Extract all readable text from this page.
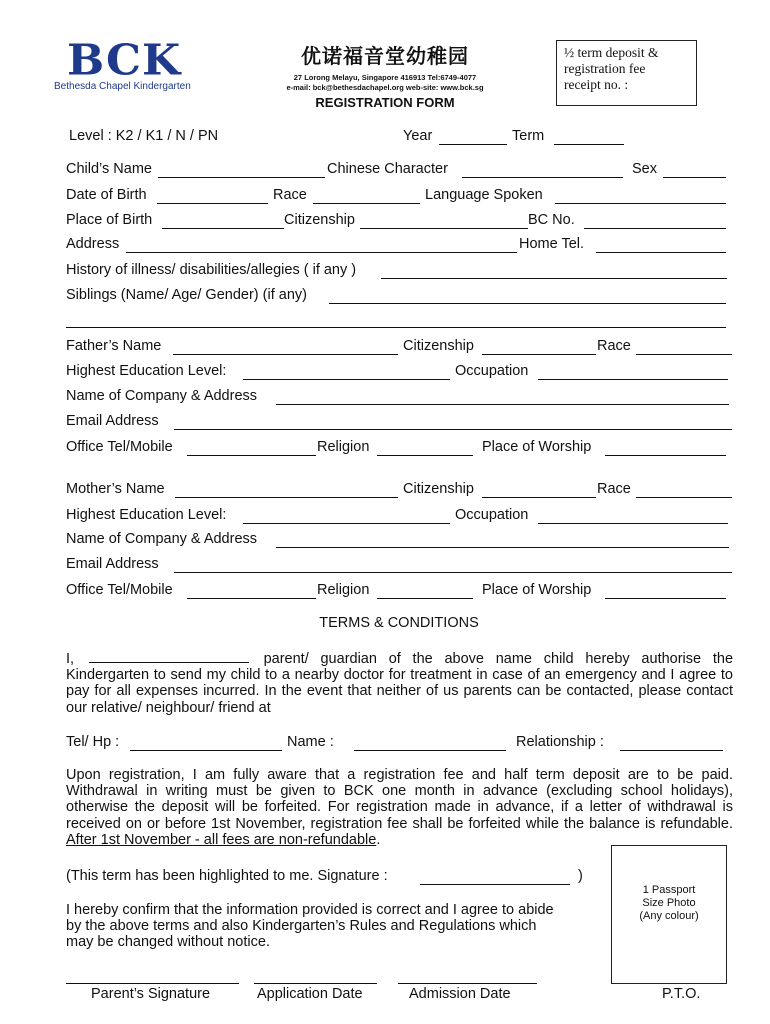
BCK
Bethesda Chapel Kindergarten
优诺福音堂幼稚园
27 Lorong Melayu, Singapore 416913 Tel:6749-4077
e-mail: bck@bethesdachapel.org web-site: www.bck.sg
REGISTRATION FORM
½ term deposit &
registration fee
receipt no. :
Level : K2 / K1 / N / PN	Year	Term
Child’s Name	Chinese Character	Sex
Date of Birth	Race	Language Spoken
Place of Birth	Citizenship	BC No.
Address	Home Tel.
History of illness/ disabilities/allegies ( if any )
Siblings (Name/ Age/ Gender) (if any)
Father’s Name	Citizenship	Race
Highest Education Level:	Occupation
Name of Company & Address
Email Address
Office Tel/Mobile	Religion	Place of Worship
Mother’s Name	Citizenship	Race
Highest Education Level:	Occupation
Name of Company & Address
Email Address
Office Tel/Mobile	Religion	Place of Worship
TERMS & CONDITIONS
I,	parent/ guardian of the above name child hereby authorise the Kindergarten to send my child to a nearby doctor for treatment in case of an emergency and I agree to pay for all expenses incurred. In the event that neither of us parents can be contacted, please contact our relative/ neighbour/ friend at
Tel/ Hp :	Name :	Relationship :
Upon registration, I am fully aware that a registration fee and half term deposit are to be paid. Withdrawal in writing must be given to BCK one month in advance (excluding school holidays), otherwise the deposit will be forfeited. For registration made in advance, if a letter of withdrawal is received on or before 1st November, registration fee shall be forfeited while the balance is refundable. After 1st November - all fees are non-refundable.
(This term has been highlighted to me. Signature :	)
I hereby confirm that the information provided is correct and I agree to abide by the above terms and also Kindergarten’s Rules and Regulations which may be changed without notice.
1 Passport
Size Photo
(Any colour)
Parent’s Signature	Application Date	Admission Date	P.T.O.
